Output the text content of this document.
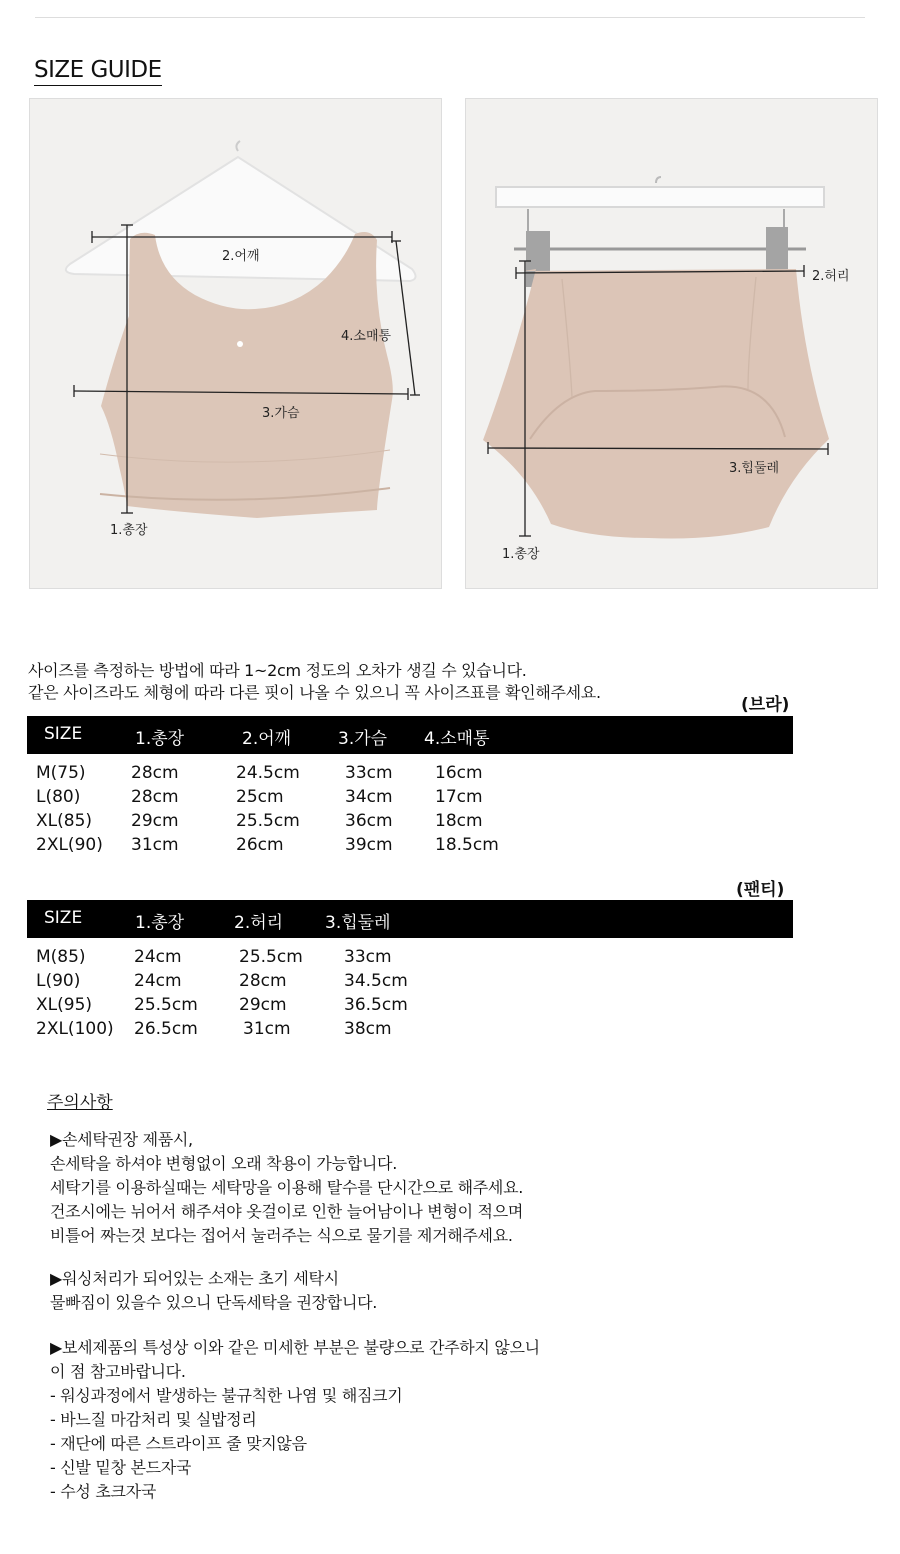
SIZE GUIDE
2.어깨
4.소매통
3.가슴
1.총장
2.허리
3.힙둘레
1.총장
사이즈를 측정하는 방법에 따라 1~2cm 정도의 오차가 생길 수 있습니다.
같은 사이즈라도 체형에 따라 다른 핏이 나올 수 있으니 꼭 사이즈표를 확인해주세요.
(브라)
SIZE	1.총장	2.어깨	3.가슴 4.소매통
M(75)	28cm	24.5cm	33cm 16cm
L(80)	28cm	25cm	34cm 17cm
XL(85) 29cm	25.5cm	36cm 18cm
2XL(90) 31cm	26cm	39cm 18.5cm
(팬티)
SIZE	1.총장	2.허리 3.힙둘레
M(85)	24cm	25.5cm 33cm
L(90)	24cm	28cm	34.5cm
XL(95) 25.5cm 29cm	36.5cm
2XL(100) 26.5cm	31cm	38cm
주의사항
▶손세탁권장 제품시,
손세탁을 하셔야 변형없이 오래 착용이 가능합니다.
세탁기를 이용하실때는 세탁망을 이용해 탈수를 단시간으로 해주세요.
건조시에는 뉘어서 해주셔야 옷걸이로 인한 늘어남이나 변형이 적으며
비틀어 짜는것 보다는 접어서 눌러주는 식으로 물기를 제거해주세요.
▶워싱처리가 되어있는 소재는 초기 세탁시
물빠짐이 있을수 있으니 단독세탁을 권장합니다.
▶보세제품의 특성상 이와 같은 미세한 부분은 불량으로 간주하지 않으니
이 점 참고바랍니다.
- 워싱과정에서 발생하는 불규칙한 나염 및 해짐크기
- 바느질 마감처리 및 실밥정리
- 재단에 따른 스트라이프 줄 맞지않음
- 신발 밑창 본드자국
- 수성 초크자국
